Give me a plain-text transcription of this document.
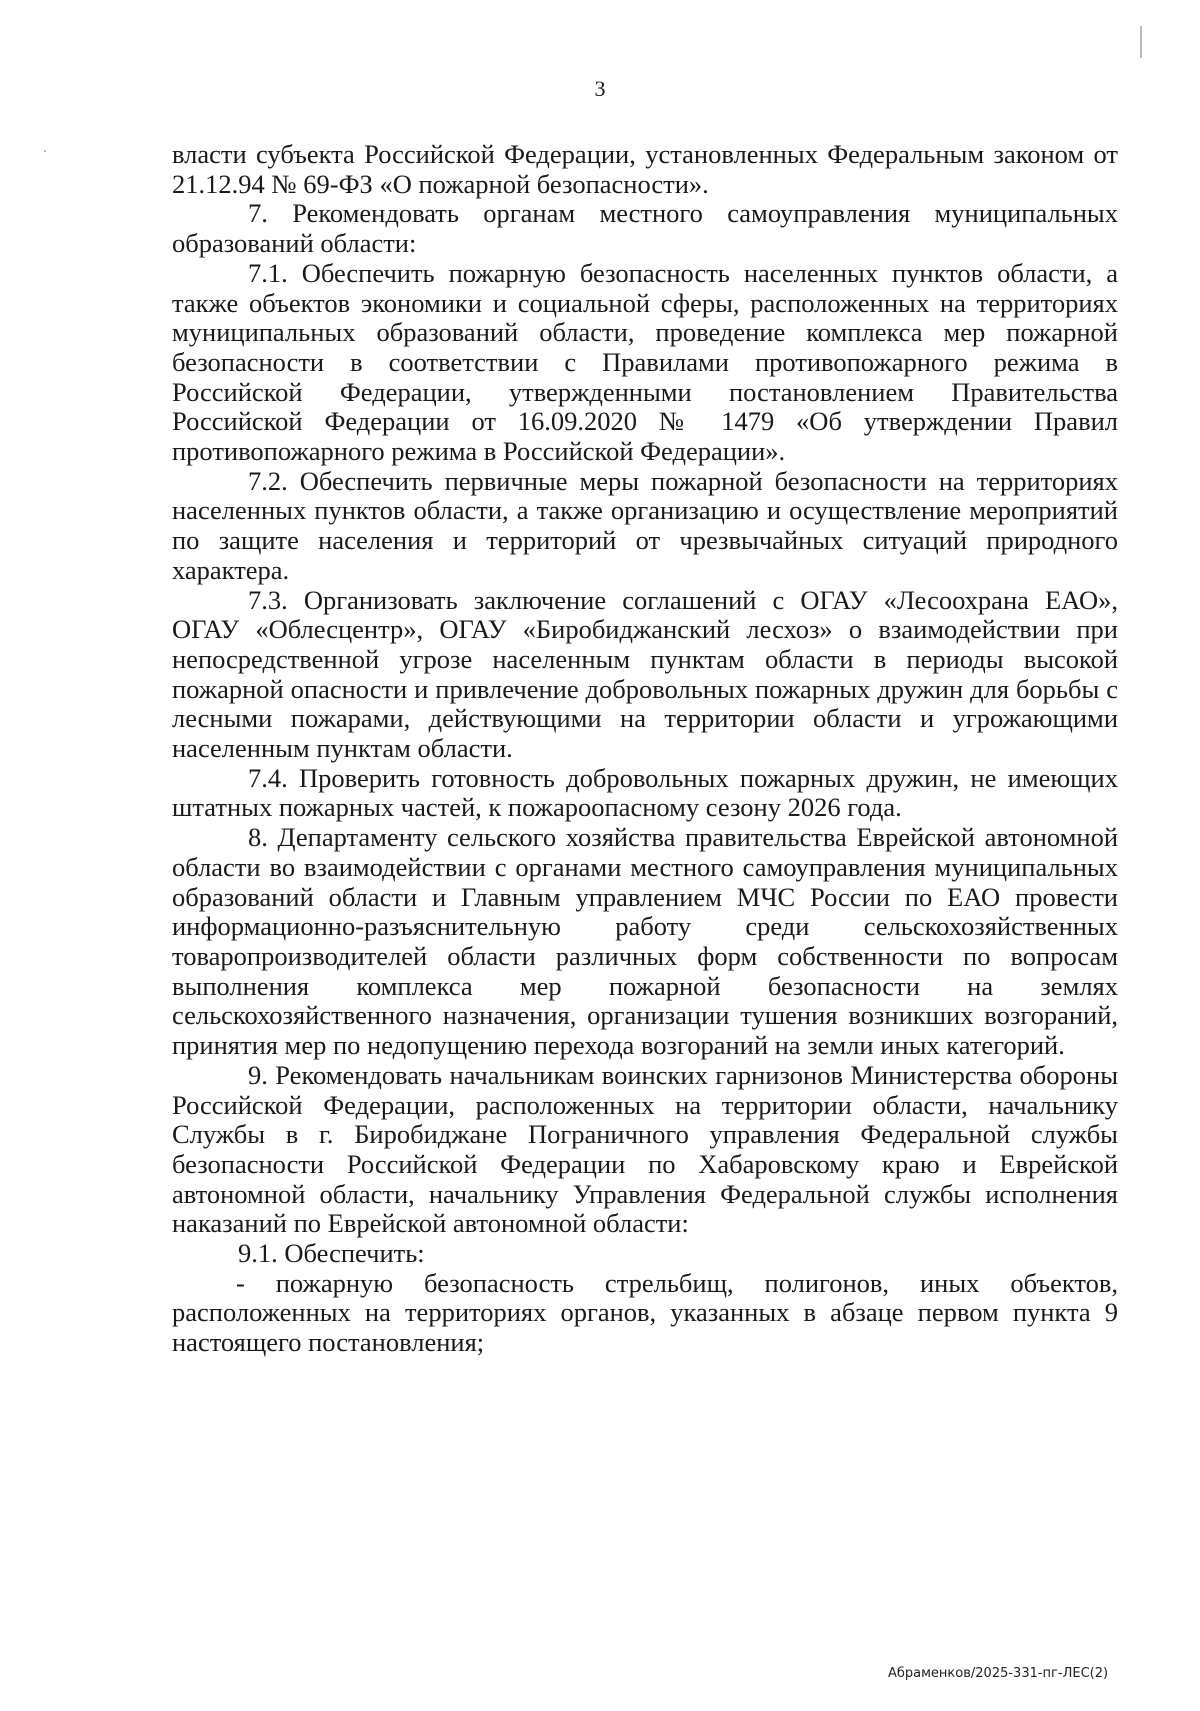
3

власти субъекта Российской Федерации, установленных Федеральным законом от 21.12.94 № 69-ФЗ «О пожарной безопасности».

7. Рекомендовать органам местного самоуправления муниципальных образований области:

7.1. Обеспечить пожарную безопасность населенных пунктов области, а также объектов экономики и социальной сферы, расположенных на территориях муниципальных образований области, проведение комплекса мер пожарной безопасности в соответствии с Правилами противопожарного режима в Российской Федерации, утвержденными постановлением Правительства Российской Федерации от 16.09.2020 № 1479 «Об утверждении Правил противопожарного режима в Российской Федерации».

7.2. Обеспечить первичные меры пожарной безопасности на территориях населенных пунктов области, а также организацию и осуществление мероприятий по защите населения и территорий от чрезвычайных ситуаций природного характера.

7.3. Организовать заключение соглашений с ОГАУ «Лесоохрана ЕАО», ОГАУ «Облесцентр», ОГАУ «Биробиджанский лесхоз» о взаимодействии при непосредственной угрозе населенным пунктам области в периоды высокой пожарной опасности и привлечение добровольных пожарных дружин для борьбы с лесными пожарами, действующими на территории области и угрожающими населенным пунктам области.

7.4. Проверить готовность добровольных пожарных дружин, не имеющих штатных пожарных частей, к пожароопасному сезону 2026 года.

8. Департаменту сельского хозяйства правительства Еврейской автономной области во взаимодействии с органами местного самоуправления муниципальных образований области и Главным управлением МЧС России по ЕАО провести информационно-разъяснительную работу среди сельскохозяйственных товаропроизводителей области различных форм собственности по вопросам выполнения комплекса мер пожарной безопасности на землях сельскохозяйственного назначения, организации тушения возникших возгораний, принятия мер по недопущению перехода возгораний на земли иных категорий.

9. Рекомендовать начальникам воинских гарнизонов Министерства обороны Российской Федерации, расположенных на территории области, начальнику Службы в г. Биробиджане Пограничного управления Федеральной службы безопасности Российской Федерации по Хабаровскому краю и Еврейской автономной области, начальнику Управления Федеральной службы исполнения наказаний по Еврейской автономной области:

9.1. Обеспечить:

- пожарную безопасность стрельбищ, полигонов, иных объектов, расположенных на территориях органов, указанных в абзаце первом пункта 9 настоящего постановления;

Абраменков/2025-331-пг-ЛЕС(2)
